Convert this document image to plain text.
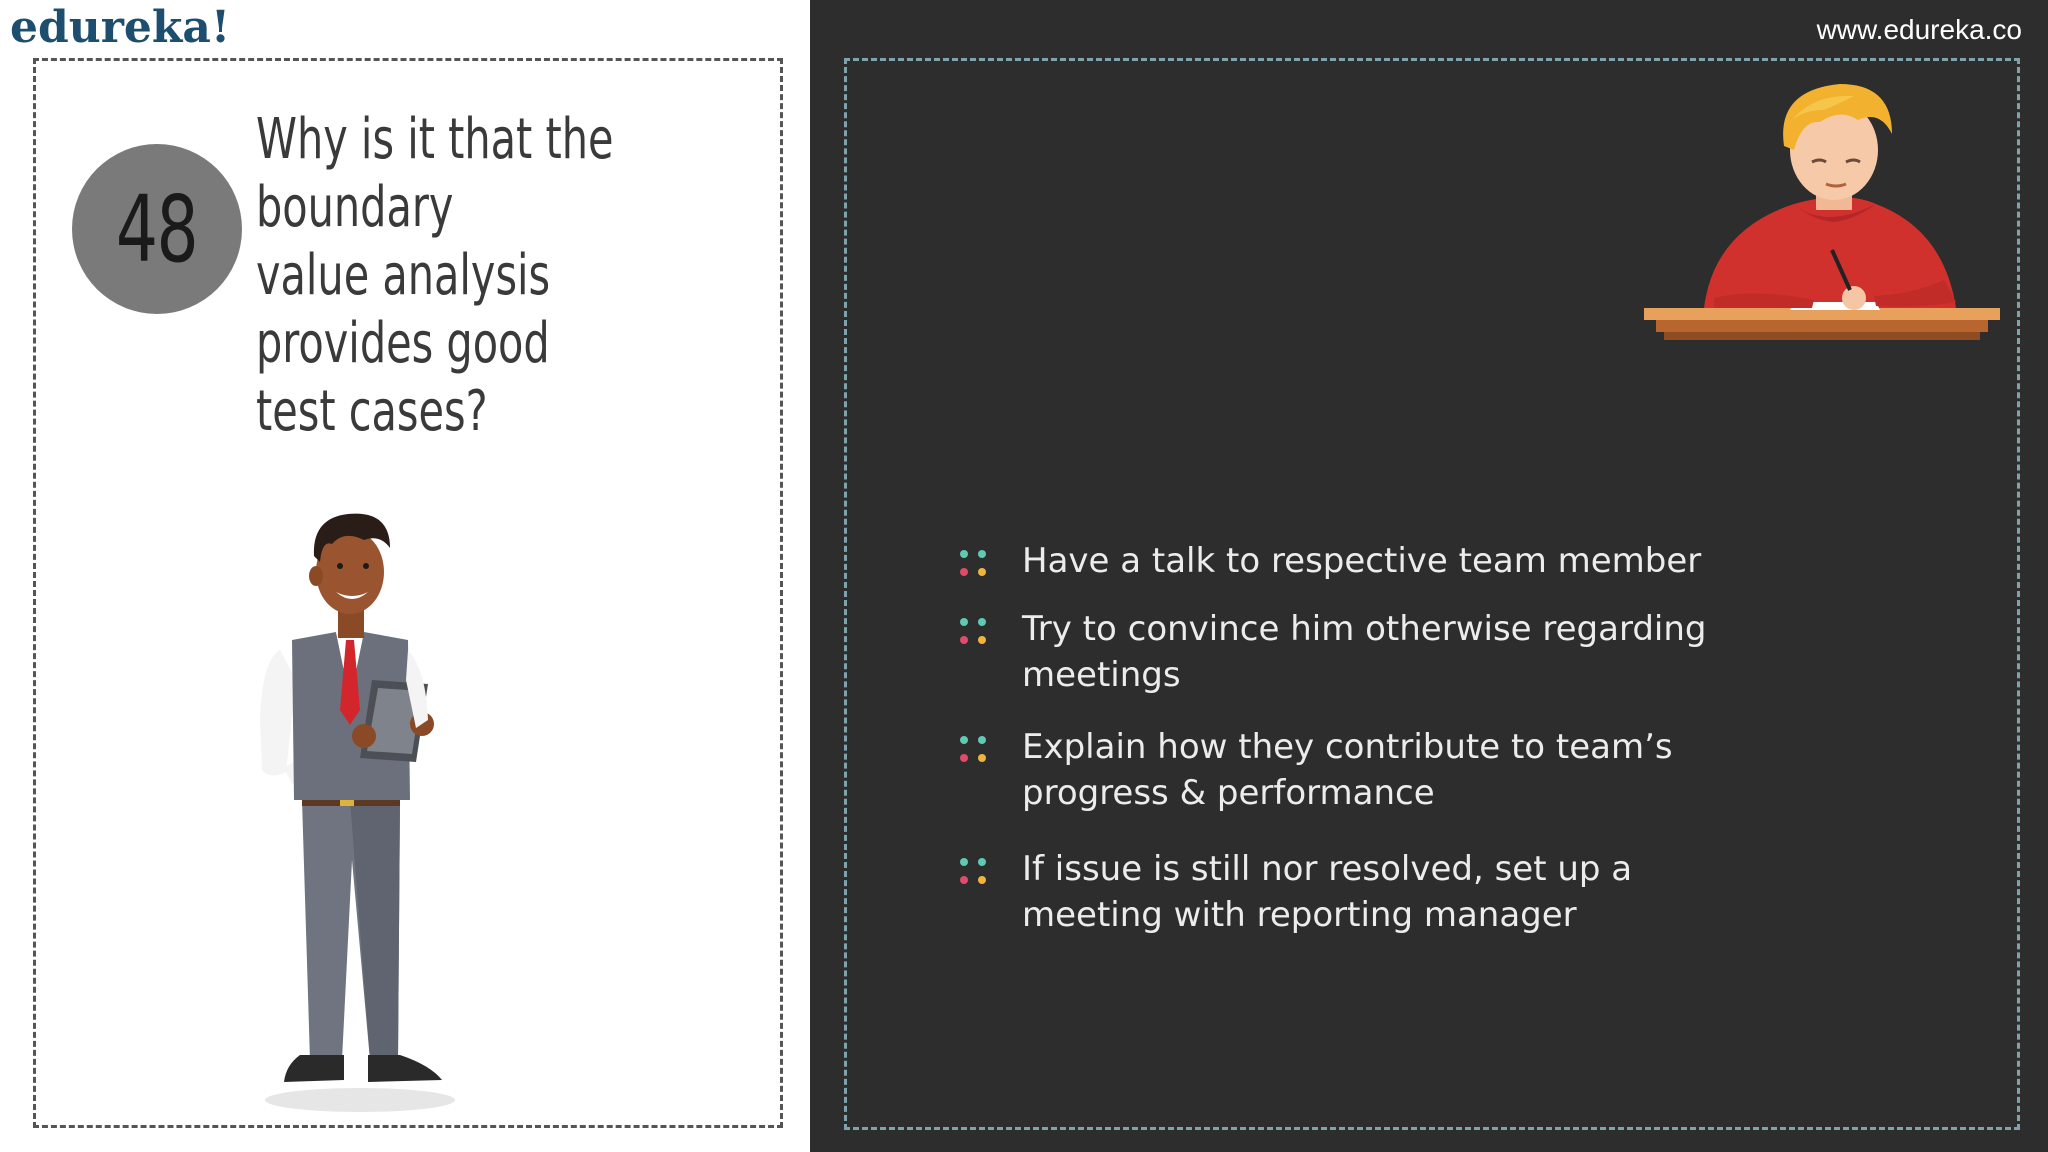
edureka!
48
Why is it that the boundary
value analysis provides good
test cases?
www.edureka.co
Have a talk to respective team member
Try to convince him otherwise regarding
meetings
Explain how they contribute to team’s
progress & performance
If issue is still nor resolved, set up a
meeting with reporting manager
